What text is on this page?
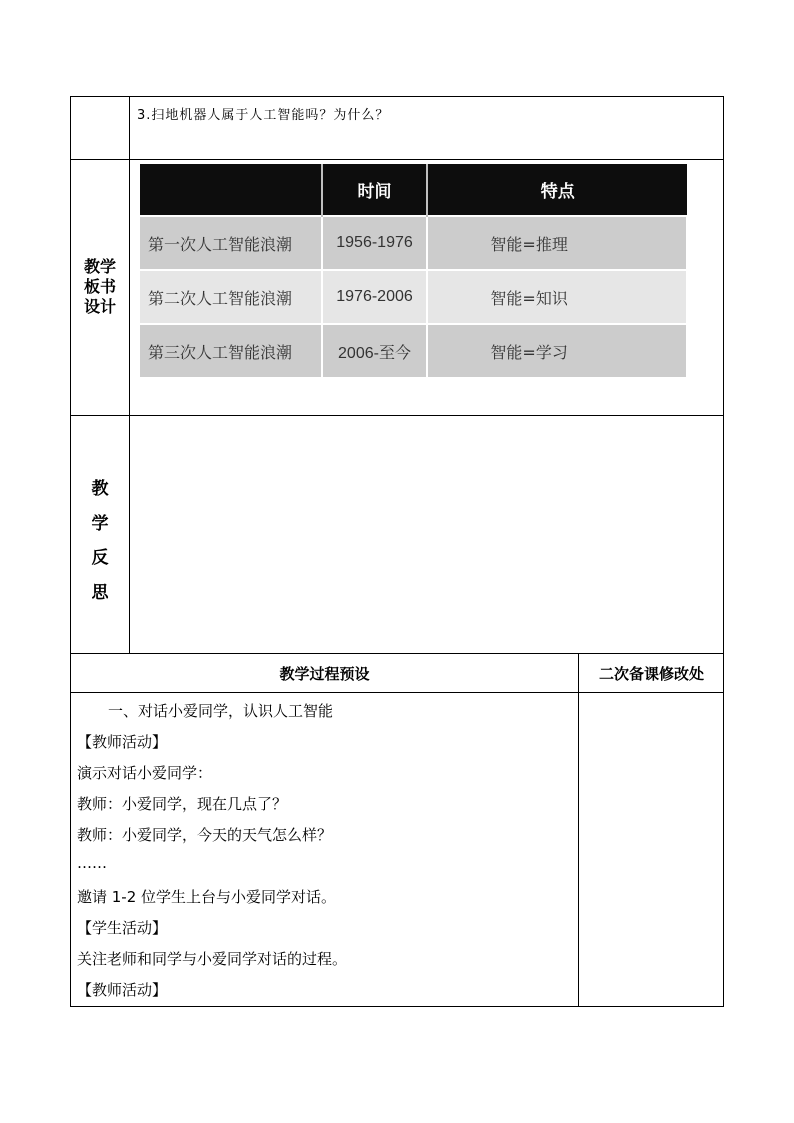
3.扫地机器人属于人工智能吗？为什么？
教学
板书
设计
	时间	特点
第一次人工智能浪潮	1956-1976	智能=推理
第二次人工智能浪潮	1976-2006	智能=知识
第三次人工智能浪潮	2006-至今	智能=学习
教
学
反
思
教学过程预设	二次备课修改处
一、对话小爱同学，认识人工智能
【教师活动】
演示对话小爱同学：
教师：小爱同学，现在几点了？
教师：小爱同学，今天的天气怎么样？
……
邀请 1-2 位学生上台与小爱同学对话。
【学生活动】
关注老师和同学与小爱同学对话的过程。
【教师活动】
